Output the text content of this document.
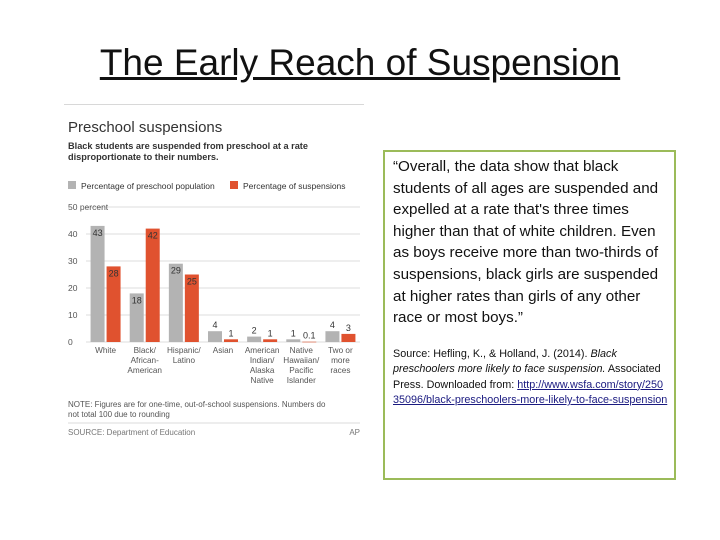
The Early Reach of Suspension
Preschool suspensions
Black students are suspended from preschool at a rate
disproportionate to their numbers.
Percentage of preschool population	Percentage of suspensions
0
10
20
30
40
50 percent
43
28
White
18
42
Black/
African-
American
29
25
Hispanic/
Latino
4
1
Asian
2 1
American
Indian/
Alaska
Native
1 0.1
Native
Hawaiian/
Pacific
Islander
4 3
Two or
more
races
NOTE: Figures are for one-time, out-of-school suspensions. Numbers do
not total 100 due to rounding
SOURCE: Department of Education	AP

“Overall, the data show that black students of all ages are suspended and expelled at a rate that's three times higher than that of white children. Even as boys receive more than two-thirds of suspensions, black girls are suspended at higher rates than girls of any other race or most boys.”

Source: Hefling, K., & Holland, J. (2014). Black preschoolers more likely to face suspension. Associated Press. Downloaded from: http://www.wsfa.com/story/25035096/black-preschoolers-more-likely-to-face-suspension
